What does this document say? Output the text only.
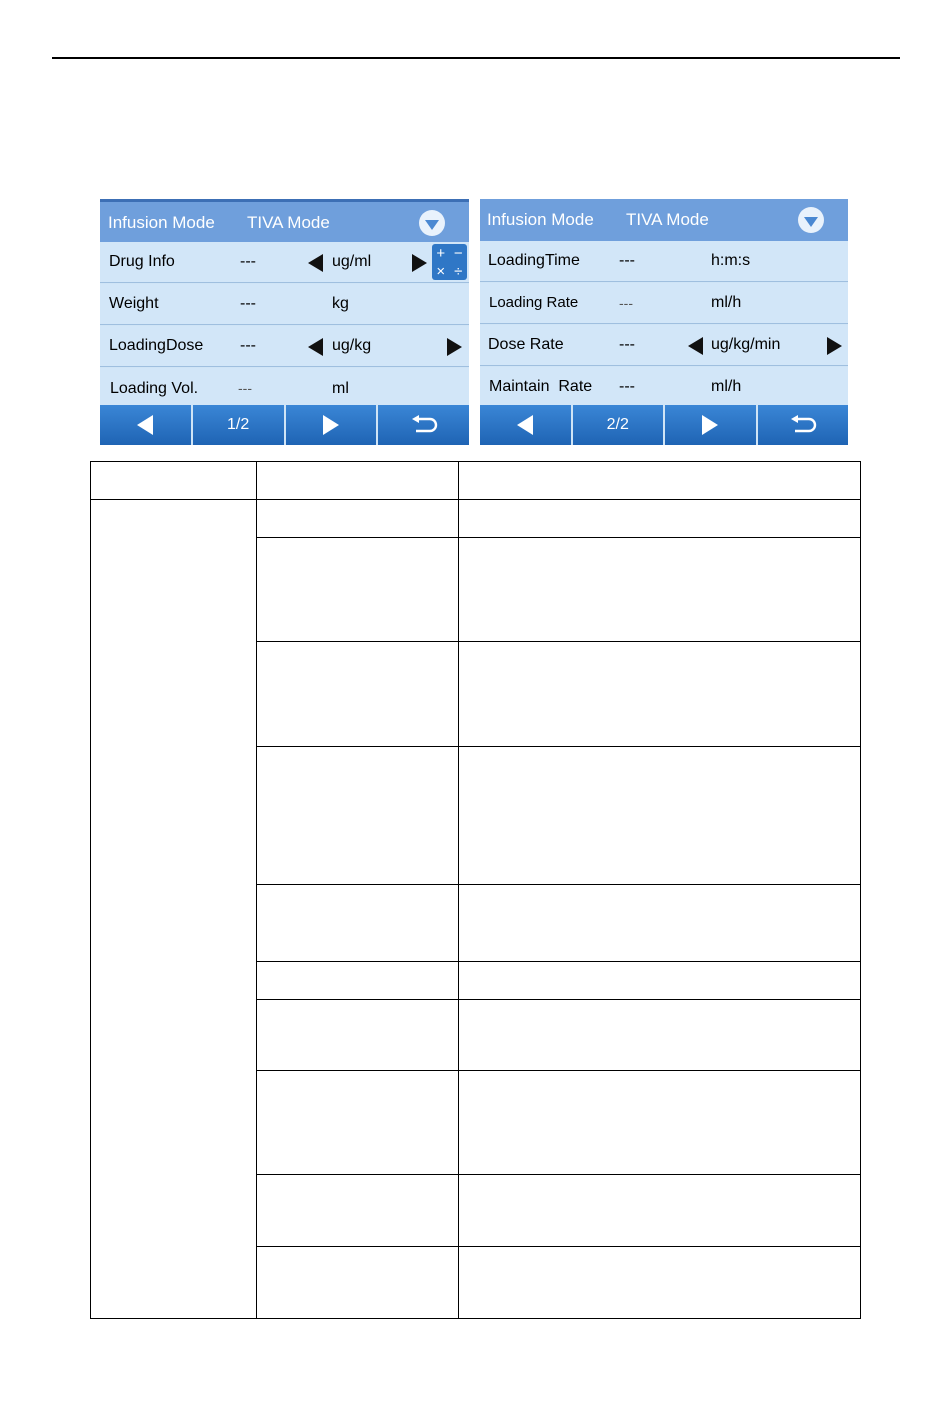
Infusion Mode TIVA Mode
Drug Info	---	ug/ml	+ −
× ÷
Weight	---	kg
LoadingDose ---	ug/kg
Loading Vol.	---	ml
1/2
Infusion Mode TIVA Mode
LoadingTime ---	h:m:s
Loading Rate	---	ml/h
Dose Rate	---	ug/kg/min
Maintain  Rate ---	ml/h
2/2
